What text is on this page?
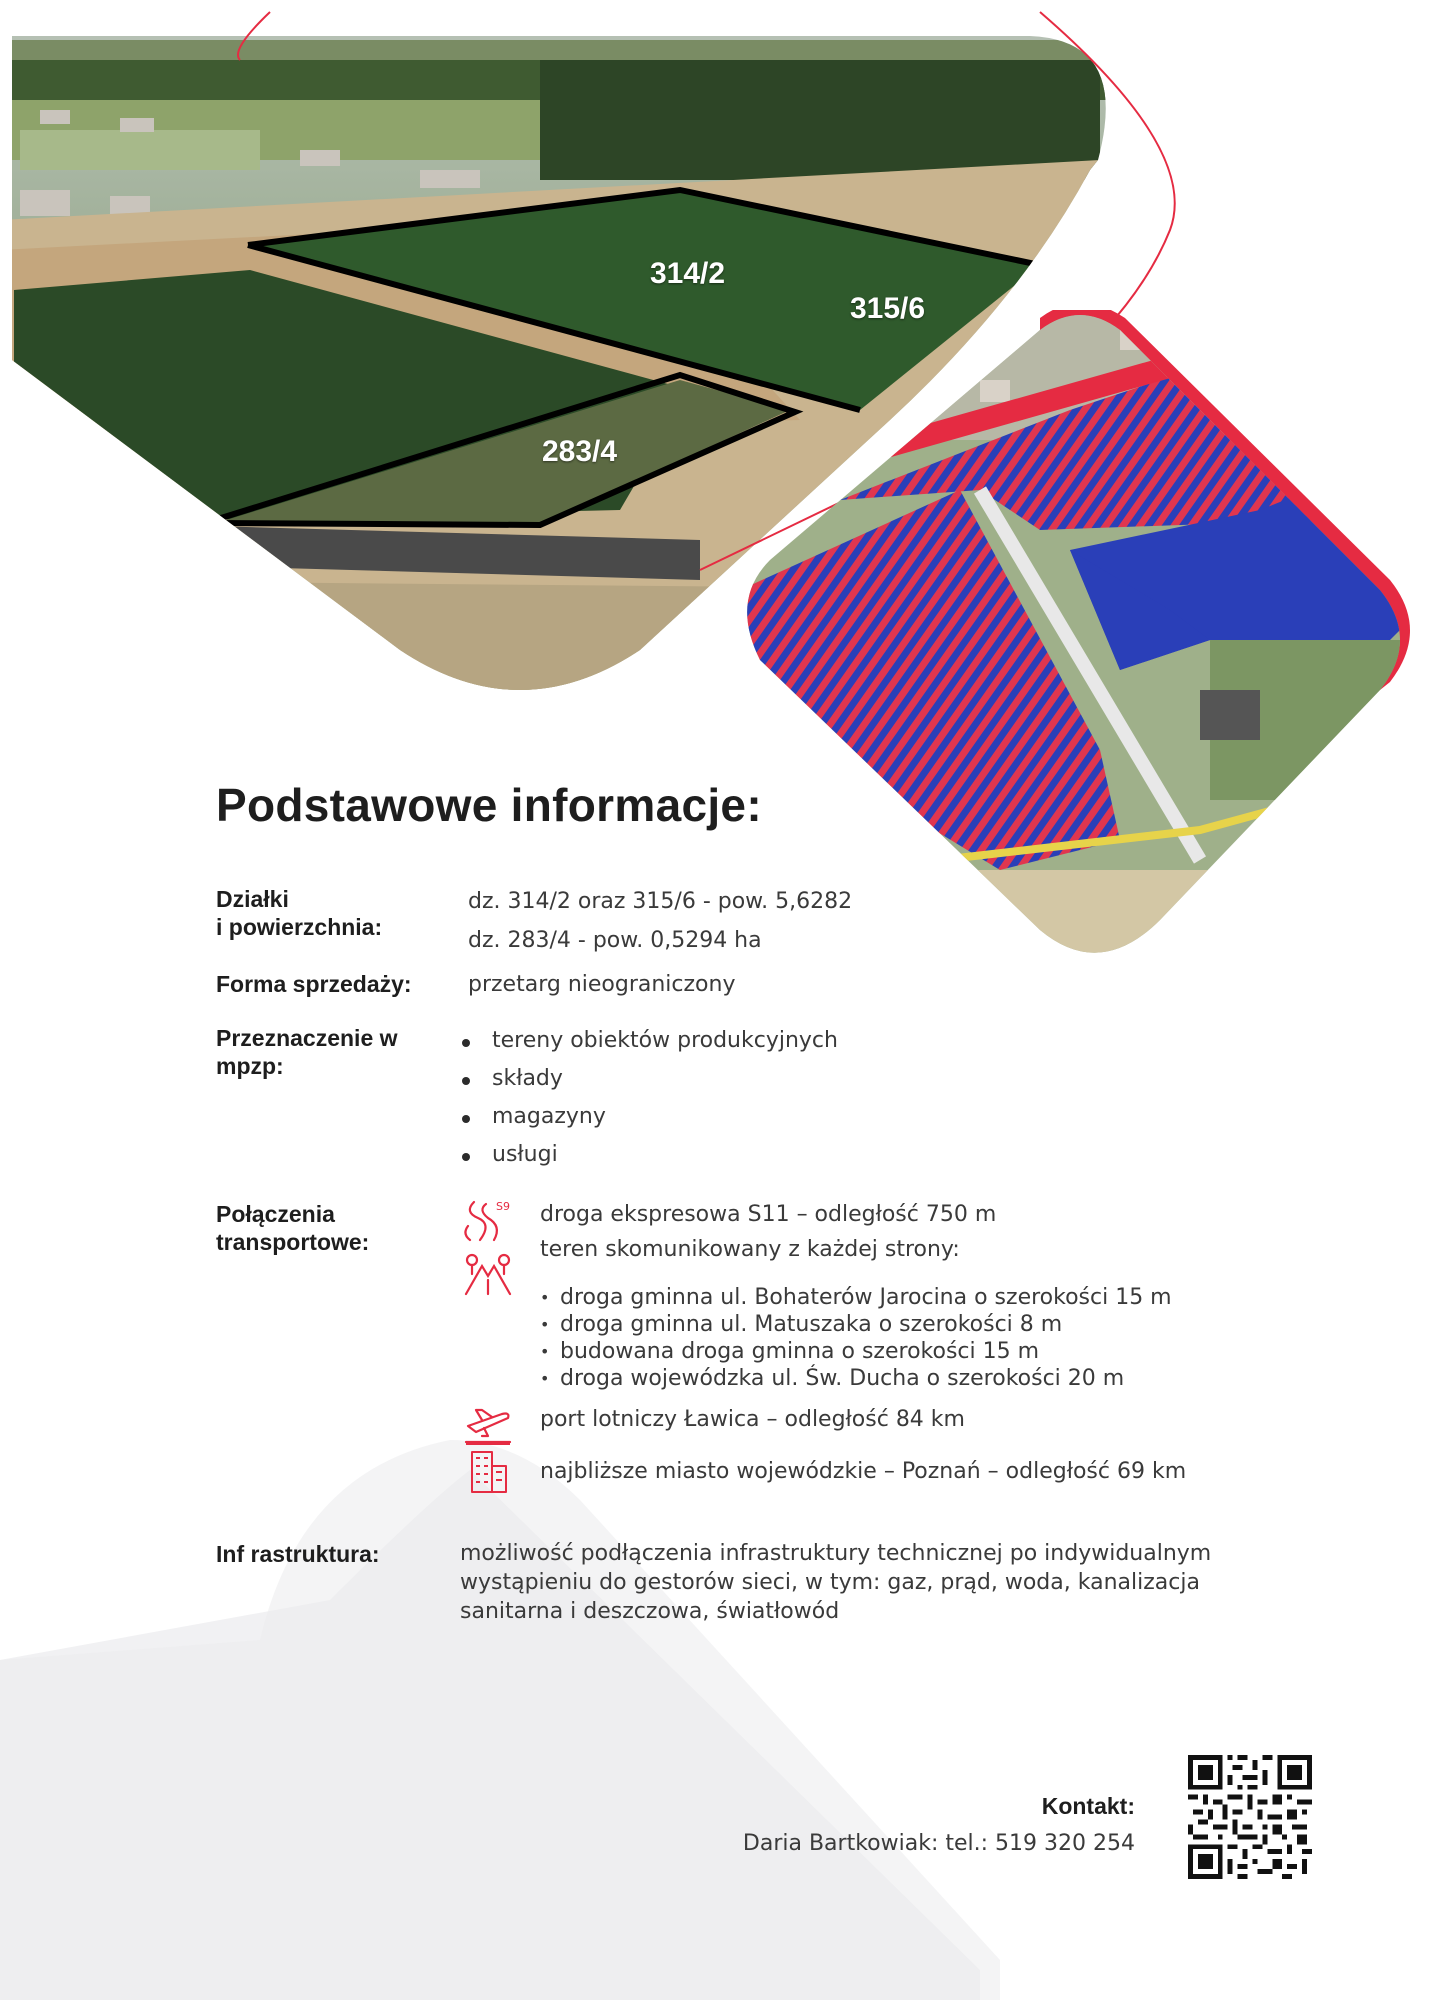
314/2
315/6
283/4
Podstawowe informacje:
Działki
i powierzchnia:
dz. 314/2 oraz 315/6 - pow. 5,6282
dz. 283/4 - pow. 0,5294 ha
Forma sprzedaży:	przetarg nieograniczony
Przeznaczenie w
mpzp:
tereny obiektów produkcyjnych
składy
magazyny
usługi
Połączenia
transportowe:
S9 droga ekspresowa S11 – odległość 750 m
teren skomunikowany z każdej strony:
• droga gminna ul. Bohaterów Jarocina o szerokości 15 m
• droga gminna ul. Matuszaka o szerokości 8 m
• budowana droga gminna o szerokości 15 m
• droga wojewódzka ul. Św. Ducha o szerokości 20 m
port lotniczy Ławica – odległość 84 km
najbliższe miasto wojewódzkie – Poznań – odległość 69 km
Inf rastruktura:	możliwość podłączenia infrastruktury technicznej po indywidualnym
wystąpieniu do gestorów sieci, w tym: gaz, prąd, woda, kanalizacja
sanitarna i deszczowa, światłowód
Kontakt:
Daria Bartkowiak: tel.: 519 320 254
